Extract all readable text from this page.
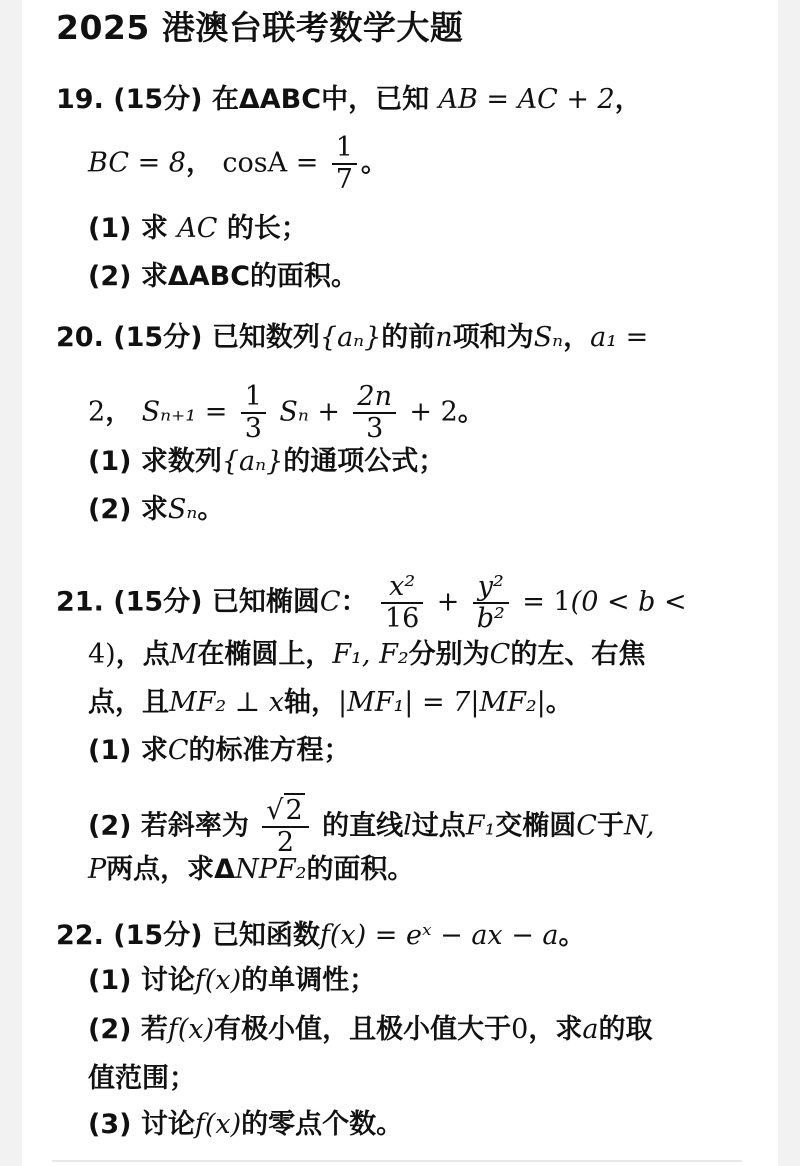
2025 港澳台联考数学大题
19. (15分) 在ΔABC中，已知 AB = AC + 2，
BC = 8， $\cos A = \frac{1}{7}$ 。
(1) 求 AC 的长；
(2) 求ΔABC的面积。
20. (15分) 已知数列{aₙ}的前n项和为Sₙ，a₁ =
2， $S_{n+1} = \frac{1}{3}$ $S_n + \frac{2n}{3} + 2$。
(1) 求数列{aₙ}的通项公式；
(2) 求Sₙ。
21. (15分) 已知椭圆C： $\frac{\text{x²}}{16} + \frac{\text{y²}}{\text{b²}} = 1(0 < b$ <
4)，点M在椭圆上，F₁, F₂分别为C的左、右焦
点，且MF₂ ⊥ x轴，|MF₁| = 7|MF₂|。
(1) 求C的标准方程；
(2) 若斜率为 $\frac{√2}{2}$ 的直线l过点F₁交椭圆C于N,
P两点，求ΔNPF₂的面积。
22. (15分) 已知函数f(x) = eˣ − ax − a。
(1) 讨论f(x)的单调性；
(2) 若f(x)有极小值，且极小值大于0，求a的取
值范围；
(3) 讨论f(x)的零点个数。
